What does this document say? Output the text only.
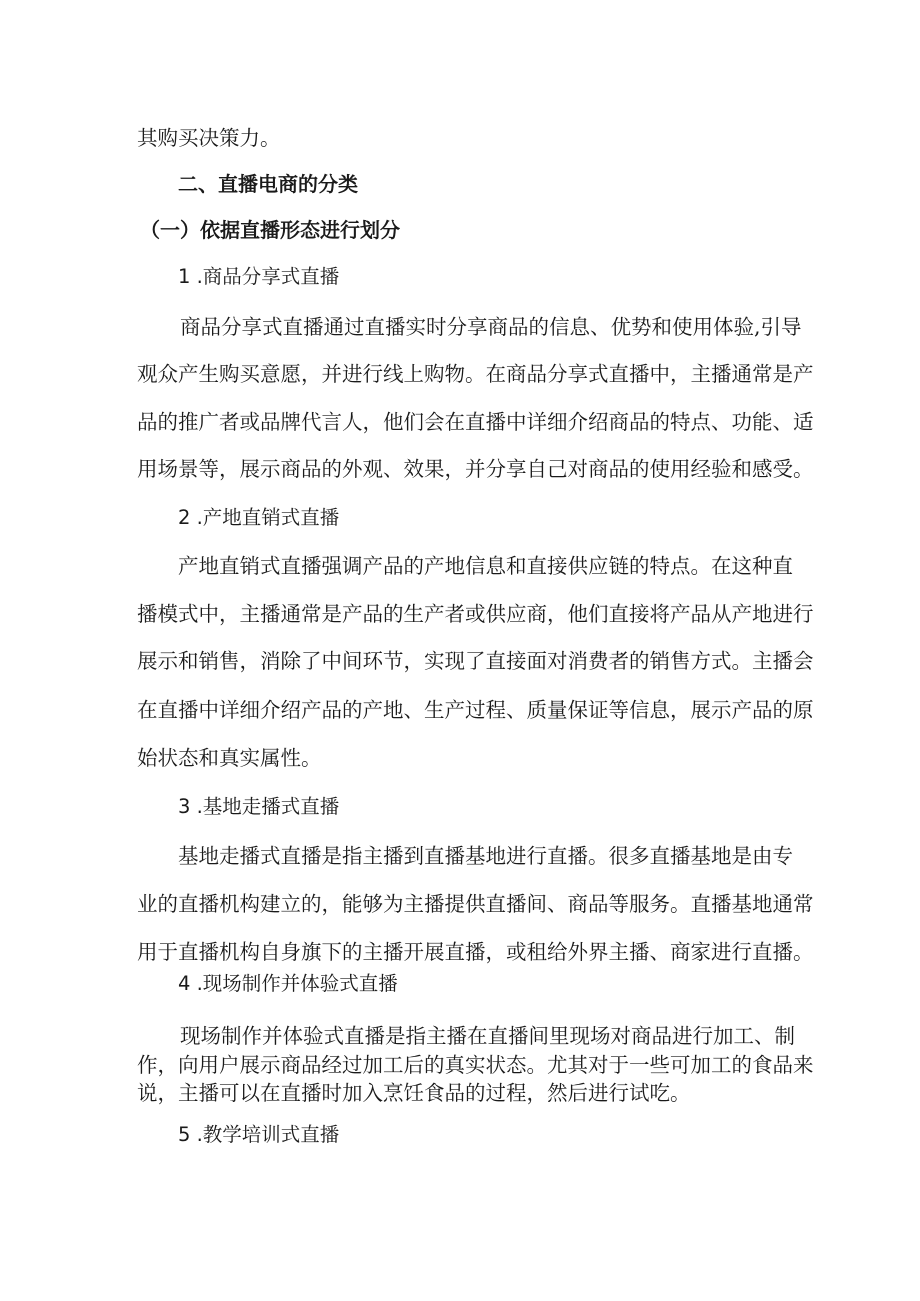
其购买决策力。
二、直播电商的分类
（一）依据直播形态进行划分
1 .商品分享式直播
商品分享式直播通过直播实时分享商品的信息、优势和使用体验,引导
观众产生购买意愿，并进行线上购物。在商品分享式直播中，主播通常是产
品的推广者或品牌代言人，他们会在直播中详细介绍商品的特点、功能、适
用场景等，展示商品的外观、效果，并分享自己对商品的使用经验和感受。
2 .产地直销式直播
产地直销式直播强调产品的产地信息和直接供应链的特点。在这种直
播模式中，主播通常是产品的生产者或供应商，他们直接将产品从产地进行
展示和销售，消除了中间环节，实现了直接面对消费者的销售方式。主播会
在直播中详细介绍产品的产地、生产过程、质量保证等信息，展示产品的原
始状态和真实属性。
3 .基地走播式直播
基地走播式直播是指主播到直播基地进行直播。很多直播基地是由专
业的直播机构建立的，能够为主播提供直播间、商品等服务。直播基地通常
用于直播机构自身旗下的主播开展直播，或租给外界主播、商家进行直播。
4 .现场制作并体验式直播
现场制作并体验式直播是指主播在直播间里现场对商品进行加工、制
作，向用户展示商品经过加工后的真实状态。尤其对于一些可加工的食品来
说，主播可以在直播时加入烹饪食品的过程，然后进行试吃。
5 .教学培训式直播
